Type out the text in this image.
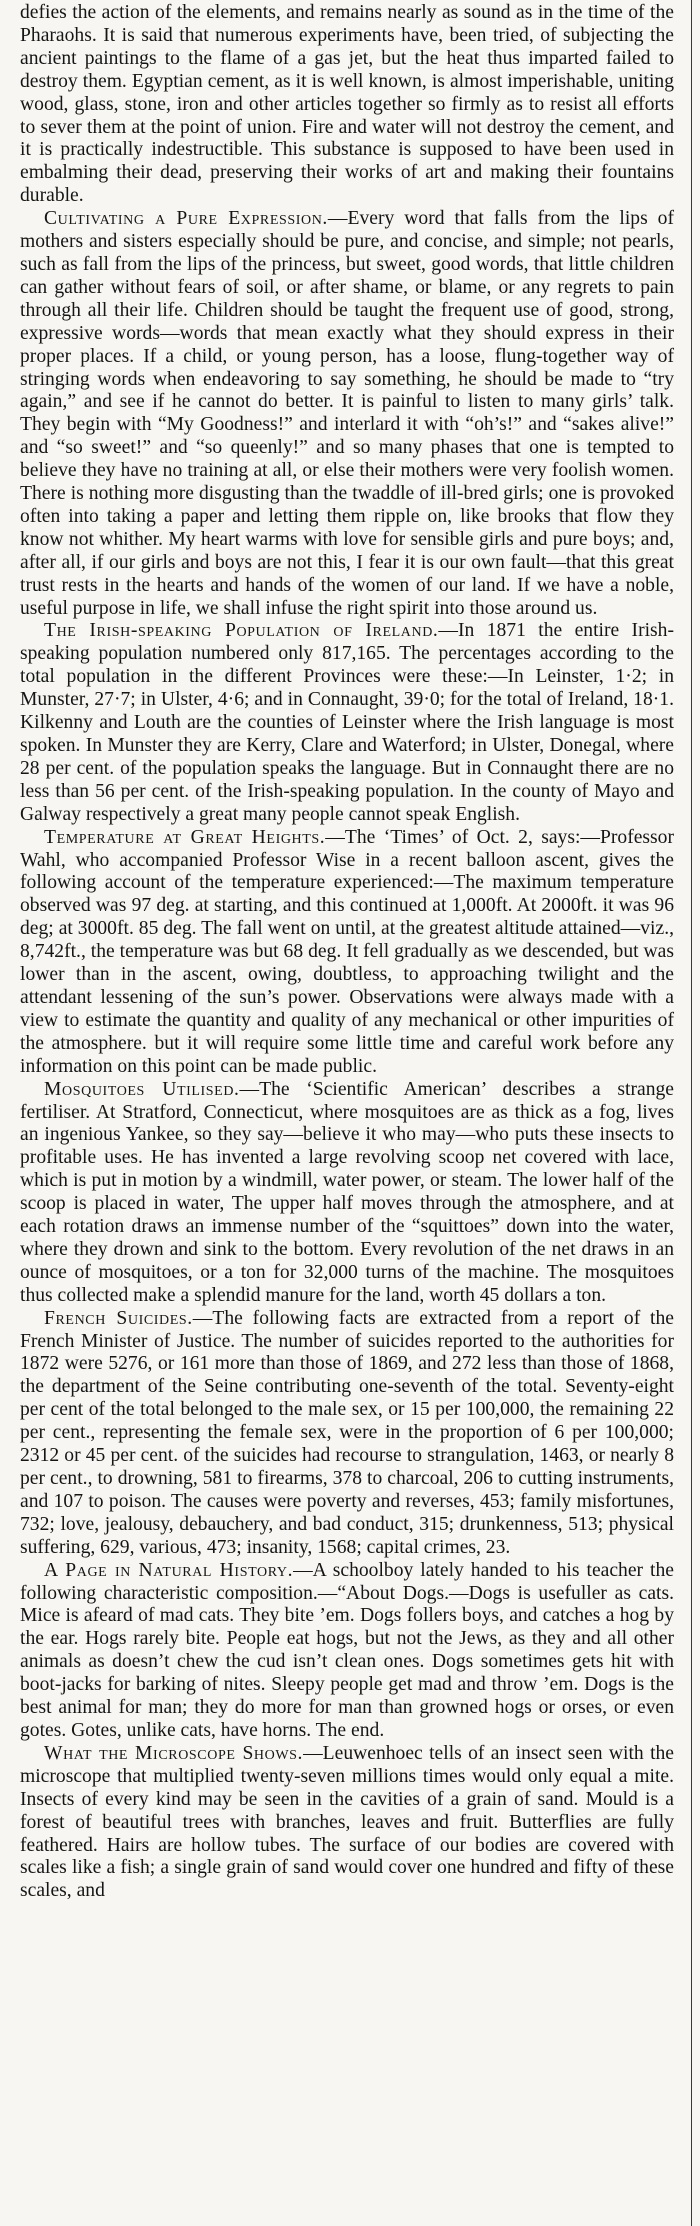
defies the action of the elements, and remains nearly as sound as in the time of the Pharaohs. It is said that numerous experiments have, been tried, of subjecting the ancient paintings to the flame of a gas jet, but the heat thus imparted failed to destroy them. Egyptian cement, as it is well known, is almost imperishable, uniting wood, glass, stone, iron and other articles together so firmly as to resist all efforts to sever them at the point of union. Fire and water will not destroy the cement, and it is practically indestructible. This substance is supposed to have been used in embalming their dead, preserving their works of art and making their fountains durable.

Cultivating a Pure Expression.—Every word that falls from the lips of mothers and sisters especially should be pure, and concise, and simple; not pearls, such as fall from the lips of the princess, but sweet, good words, that little children can gather without fears of soil, or after shame, or blame, or any regrets to pain through all their life. Children should be taught the frequent use of good, strong, expressive words—words that mean exactly what they should express in their proper places. If a child, or young person, has a loose, flung-together way of stringing words when endeavoring to say something, he should be made to “try again,” and see if he cannot do better. It is painful to listen to many girls’ talk. They begin with “My Goodness!” and interlard it with “oh’s!” and “sakes alive!” and “so sweet!” and “so queenly!” and so many phases that one is tempted to believe they have no training at all, or else their mothers were very foolish women. There is nothing more disgusting than the twaddle of ill-bred girls; one is provoked often into taking a paper and letting them ripple on, like brooks that flow they know not whither. My heart warms with love for sensible girls and pure boys; and, after all, if our girls and boys are not this, I fear it is our own fault—that this great trust rests in the hearts and hands of the women of our land. If we have a noble, useful purpose in life, we shall infuse the right spirit into those around us.

The Irish-speaking Population of Ireland.—In 1871 the entire Irish-speaking population numbered only 817,165. The percentages according to the total population in the different Provinces were these:—In Leinster, 1·2; in Munster, 27·7; in Ulster, 4·6; and in Connaught, 39·0; for the total of Ireland, 18·1. Kilkenny and Louth are the counties of Leinster where the Irish language is most spoken. In Munster they are Kerry, Clare and Waterford; in Ulster, Donegal, where 28 per cent. of the population speaks the language. But in Connaught there are no less than 56 per cent. of the Irish-speaking population. In the county of Mayo and Galway respectively a great many people cannot speak English.

Temperature at Great Heights.—The ‘Times’ of Oct. 2, says:—Professor Wahl, who accompanied Professor Wise in a recent balloon ascent, gives the following account of the temperature experienced:—The maximum temperature observed was 97 deg. at starting, and this continued at 1,000ft. At 2000ft. it was 96 deg; at 3000ft. 85 deg. The fall went on until, at the greatest altitude attained—viz., 8,742ft., the temperature was but 68 deg. It fell gradually as we descended, but was lower than in the ascent, owing, doubtless, to approaching twilight and the attendant lessening of the sun’s power. Observations were always made with a view to estimate the quantity and quality of any mechanical or other impurities of the atmosphere. but it will require some little time and careful work before any information on this point can be made public.

Mosquitoes Utilised.—The ‘Scientific American’ describes a strange fertiliser. At Stratford, Connecticut, where mosquitoes are as thick as a fog, lives an ingenious Yankee, so they say—believe it who may—who puts these insects to profitable uses. He has invented a large revolving scoop net covered with lace, which is put in motion by a windmill, water power, or steam. The lower half of the scoop is placed in water, The upper half moves through the atmosphere, and at each rotation draws an immense number of the “squittoes” down into the water, where they drown and sink to the bottom. Every revolution of the net draws in an ounce of mosquitoes, or a ton for 32,000 turns of the machine. The mosquitoes thus collected make a splendid manure for the land, worth 45 dollars a ton.

French Suicides.—The following facts are extracted from a report of the French Minister of Justice. The number of suicides reported to the authorities for 1872 were 5276, or 161 more than those of 1869, and 272 less than those of 1868, the department of the Seine contributing one-seventh of the total. Seventy-eight per cent of the total belonged to the male sex, or 15 per 100,000, the remaining 22 per cent., representing the female sex, were in the proportion of 6 per 100,000; 2312 or 45 per cent. of the suicides had recourse to strangulation, 1463, or nearly 8 per cent., to drowning, 581 to firearms, 378 to charcoal, 206 to cutting instruments, and 107 to poison. The causes were poverty and reverses, 453; family misfortunes, 732; love, jealousy, debauchery, and bad conduct, 315; drunkenness, 513; physical suffering, 629, various, 473; insanity, 1568; capital crimes, 23.

A Page in Natural History.—A schoolboy lately handed to his teacher the following characteristic composition.—“About Dogs.—Dogs is usefuller as cats. Mice is afeard of mad cats. They bite ’em. Dogs follers boys, and catches a hog by the ear. Hogs rarely bite. People eat hogs, but not the Jews, as they and all other animals as doesn’t chew the cud isn’t clean ones. Dogs sometimes gets hit with boot-jacks for barking of nites. Sleepy people get mad and throw ’em. Dogs is the best animal for man; they do more for man than growned hogs or orses, or even gotes. Gotes, unlike cats, have horns. The end.

What the Microscope Shows.—Leuwenhoec tells of an insect seen with the microscope that multiplied twenty-seven millions times would only equal a mite. Insects of every kind may be seen in the cavities of a grain of sand. Mould is a forest of beautiful trees with branches, leaves and fruit. Butterflies are fully feathered. Hairs are hollow tubes. The surface of our bodies are covered with scales like a fish; a single grain of sand would cover one hundred and fifty of these scales, and
